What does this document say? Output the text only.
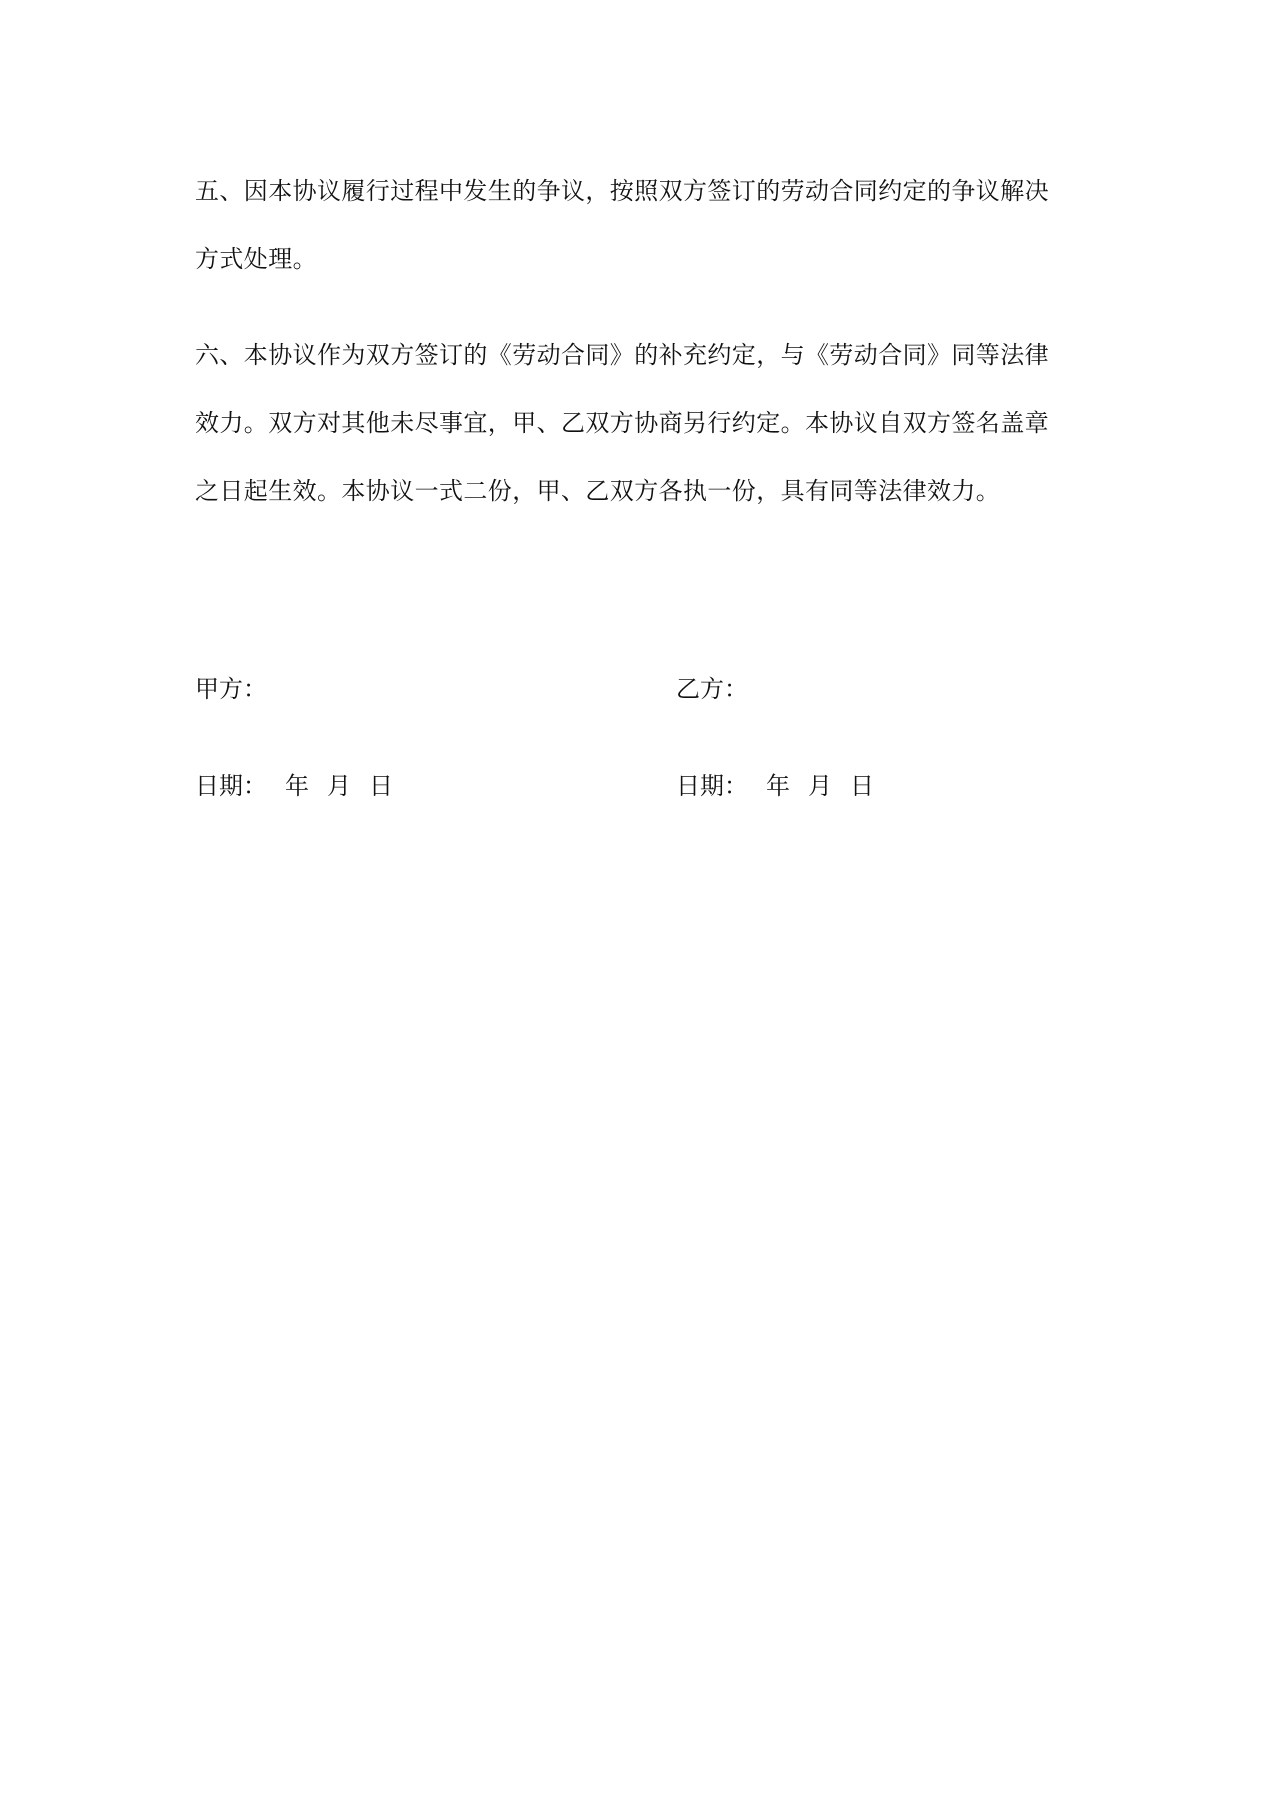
五、因本协议履行过程中发生的争议，按照双方签订的劳动合同约定的争议解决
方式处理。
六、本协议作为双方签订的《劳动合同》的补充约定，与《劳动合同》同等法律
效力。双方对其他未尽事宜，甲、乙双方协商另行约定。本协议自双方签名盖章
之日起生效。本协议一式二份，甲、乙双方各执一份，具有同等法律效力。
甲方：	乙方：
日期： 年 月 日	日期： 年 月 日
